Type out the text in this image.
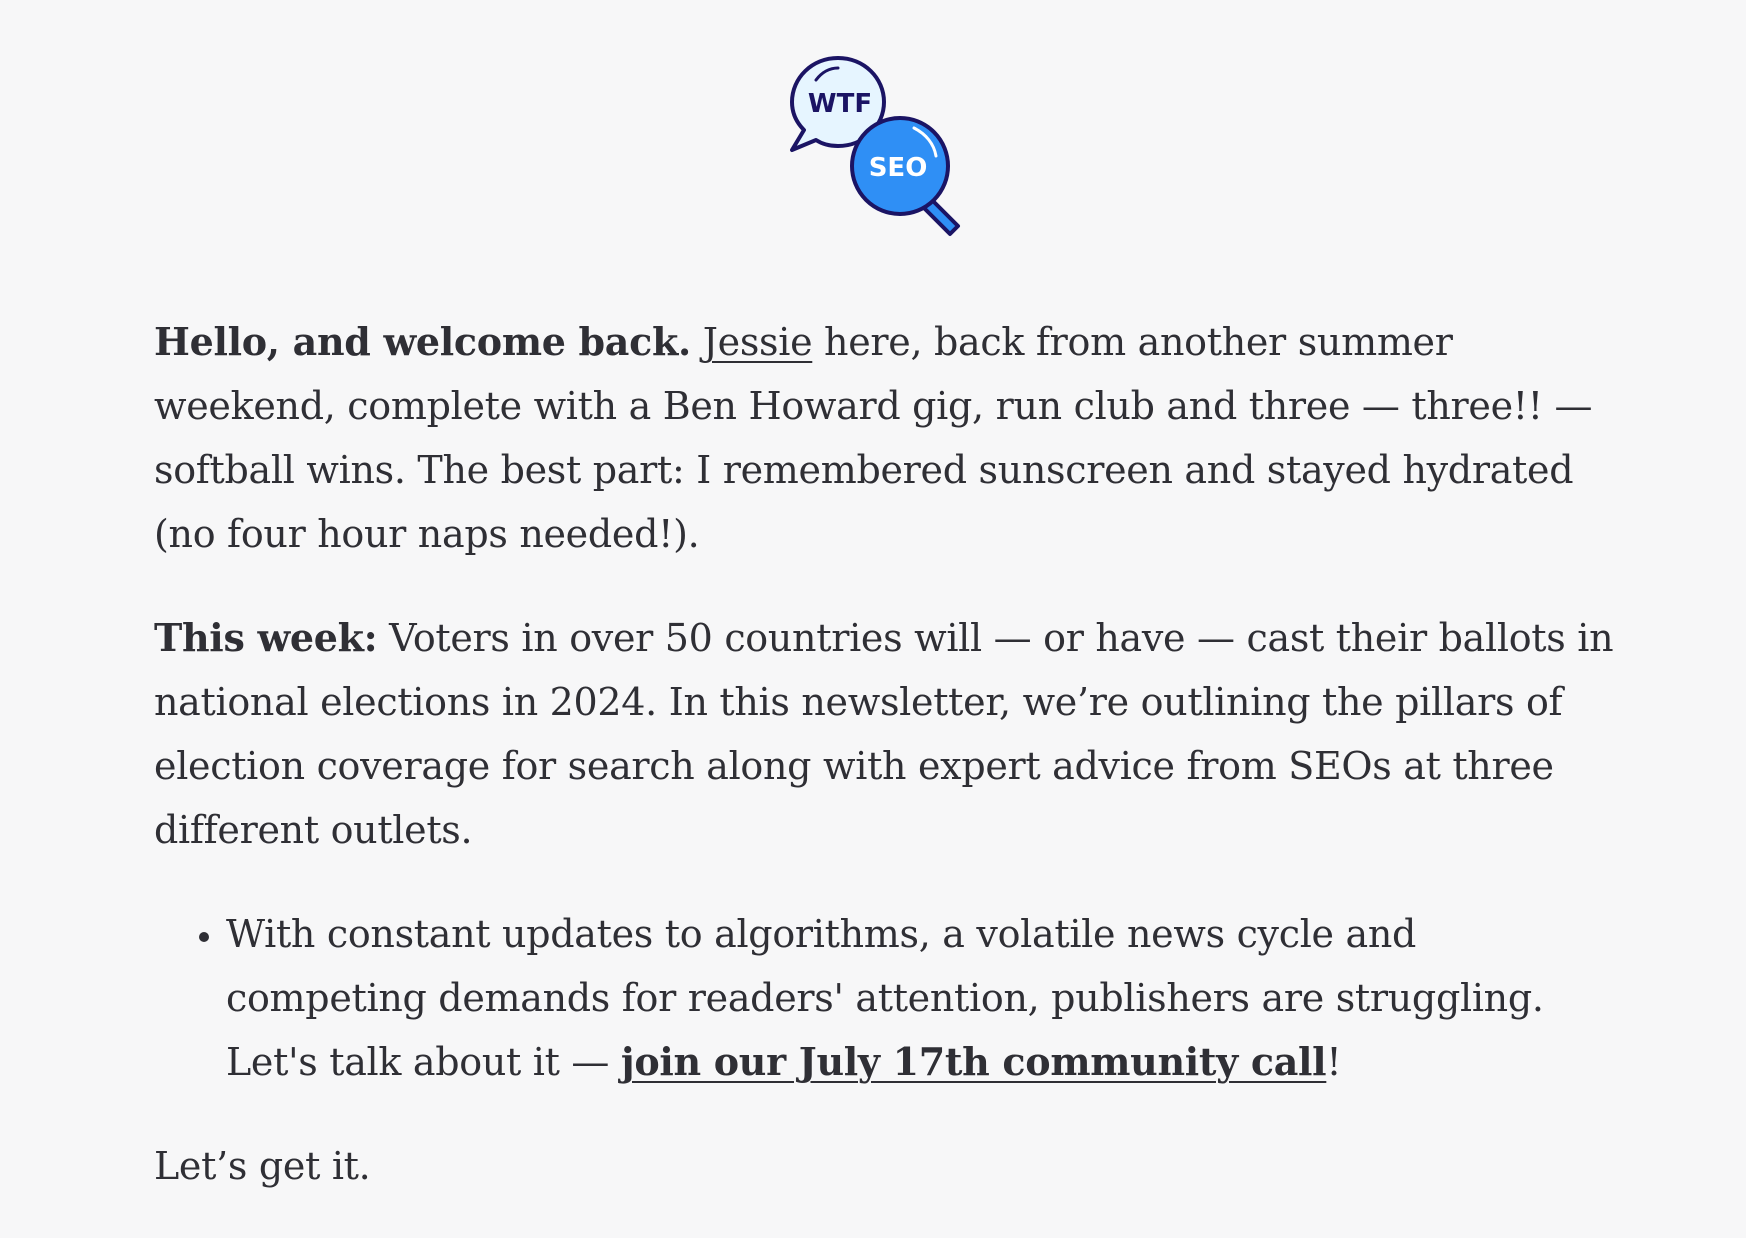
WTF
SEO

Hello, and welcome back. Jessie here, back from another summer weekend, complete with a Ben Howard gig, run club and three — three!! — softball wins. The best part: I remembered sunscreen and stayed hydrated (no four hour naps needed!).

This week: Voters in over 50 countries will — or have — cast their ballots in national elections in 2024. In this newsletter, we’re outlining the pillars of election coverage for search along with expert advice from SEOs at three different outlets.

• With constant updates to algorithms, a volatile news cycle and competing demands for readers' attention, publishers are struggling. Let's talk about it — join our July 17th community call!

Let’s get it.
